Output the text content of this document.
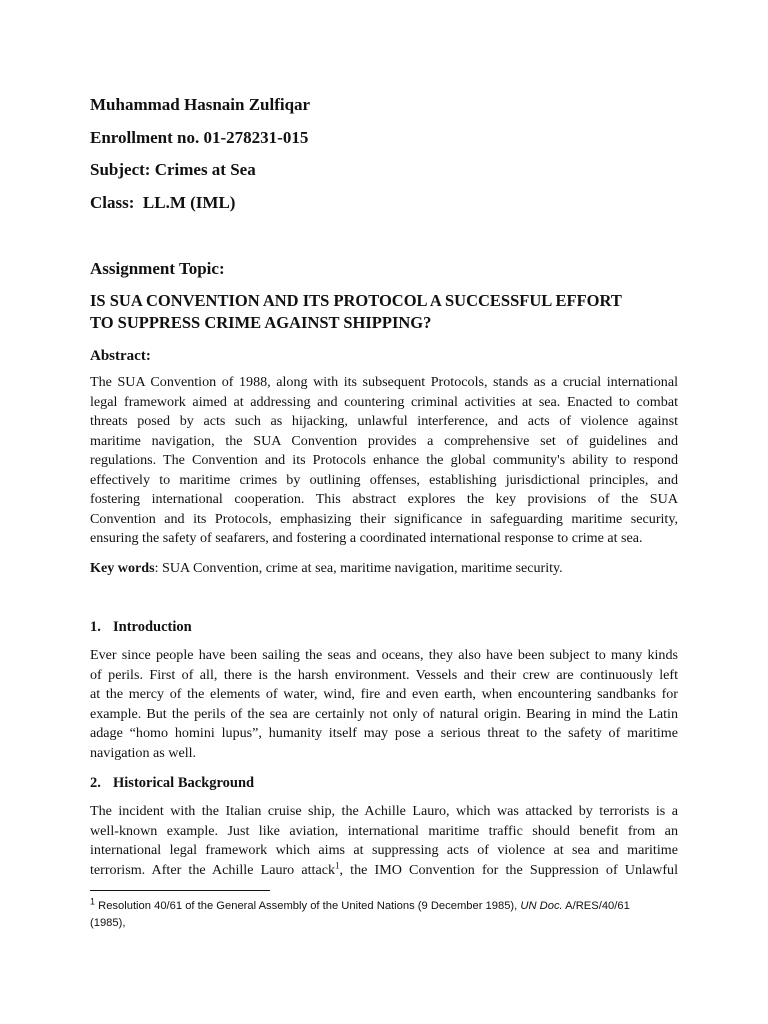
Muhammad Hasnain Zulfiqar
Enrollment no. 01-278231-015
Subject: Crimes at Sea
Class:  LL.M (IML)
Assignment Topic:
IS SUA CONVENTION AND ITS PROTOCOL A SUCCESSFUL EFFORT
TO SUPPRESS CRIME AGAINST SHIPPING?
Abstract:
The SUA Convention of 1988, along with its subsequent Protocols, stands as a crucial international
legal framework aimed at addressing and countering criminal activities at sea. Enacted to combat
threats posed by acts such as hijacking, unlawful interference, and acts of violence against
maritime navigation, the SUA Convention provides a comprehensive set of guidelines and
regulations. The Convention and its Protocols enhance the global community's ability to respond
effectively to maritime crimes by outlining offenses, establishing jurisdictional principles, and
fostering international cooperation. This abstract explores the key provisions of the SUA
Convention and its Protocols, emphasizing their significance in safeguarding maritime security,
ensuring the safety of seafarers, and fostering a coordinated international response to crime at sea.
Key words: SUA Convention, crime at sea, maritime navigation, maritime security.
1. Introduction
Ever since people have been sailing the seas and oceans, they also have been subject to many kinds
of perils. First of all, there is the harsh environment. Vessels and their crew are continuously left
at the mercy of the elements of water, wind, fire and even earth, when encountering sandbanks for
example. But the perils of the sea are certainly not only of natural origin. Bearing in mind the Latin
adage “homo homini lupus”, humanity itself may pose a serious threat to the safety of maritime
navigation as well.
2. Historical Background
The incident with the Italian cruise ship, the Achille Lauro, which was attacked by terrorists is a
well-known example. Just like aviation, international maritime traffic should benefit from an
international legal framework which aims at suppressing acts of violence at sea and maritime
terrorism. After the Achille Lauro attack$^1$, the IMO Convention for the Suppression of Unlawful
$^1$ Resolution 40/61 of the General Assembly of the United Nations (9 December 1985), UN Doc. A/RES/40/61
(1985),
